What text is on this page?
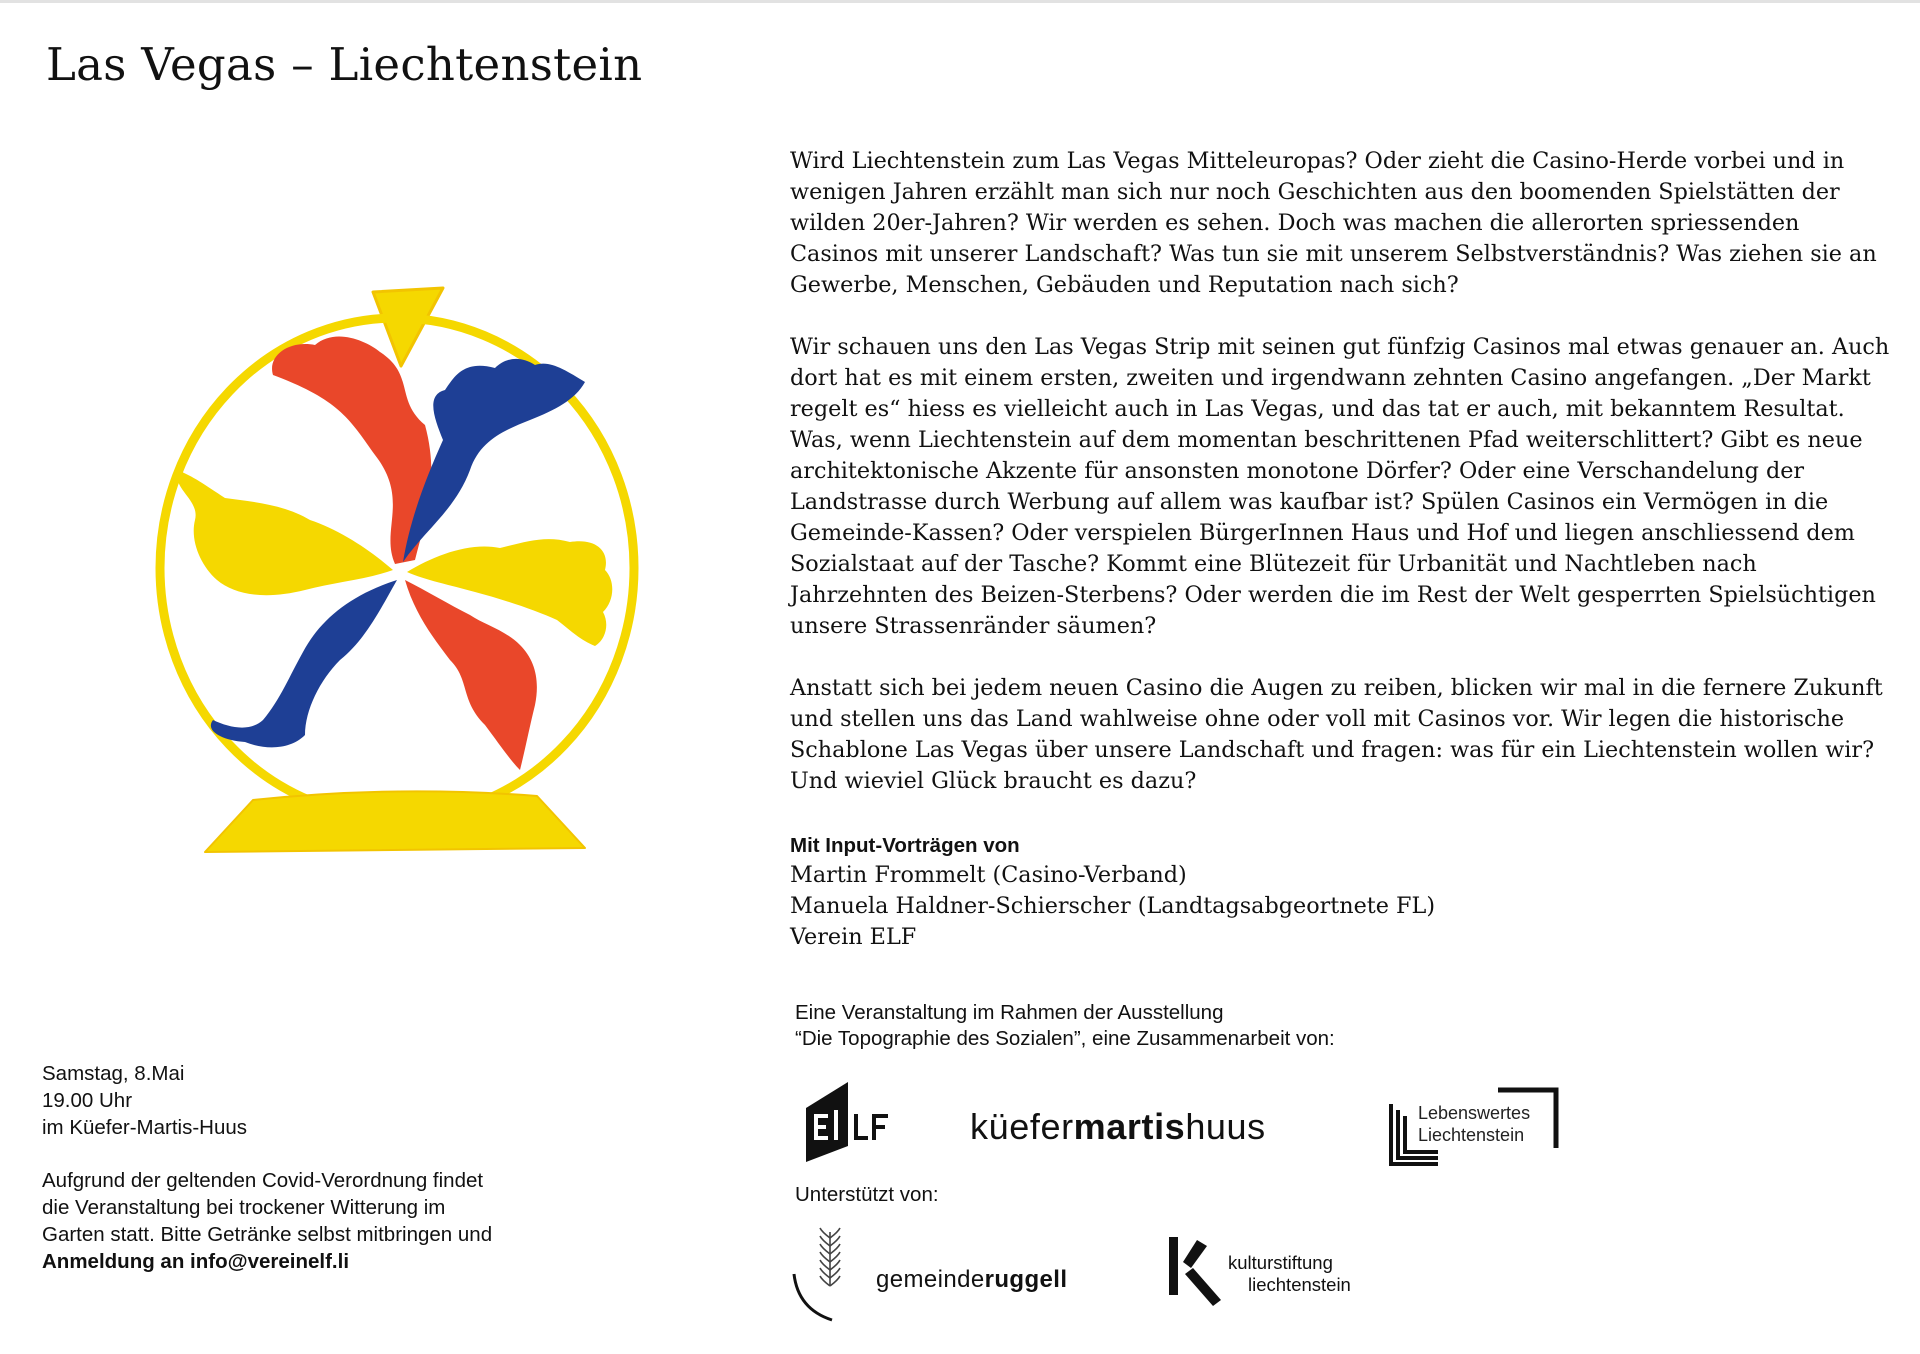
Las Vegas – Liechtenstein

Samstag, 8.Mai

19.00 Uhr

im Küefer-Martis-Huus

Aufgrund der geltenden Covid-Verordnung findet die Veranstaltung bei trockener Witterung im Garten statt. Bitte Getränke selbst mitbringen und Anmeldung an info@vereinelf.li

Wird Liechtenstein zum Las Vegas Mitteleuropas? Oder zieht die Casino-Herde vorbei und in wenigen Jahren erzählt man sich nur noch Geschichten aus den boomenden Spielstätten der wilden 20er-Jahren? Wir werden es sehen. Doch was machen die allerorten spriessenden Casinos mit unserer Landschaft? Was tun sie mit unserem Selbstverständnis? Was ziehen sie an Gewerbe, Menschen, Gebäuden und Reputation nach sich?

Wir schauen uns den Las Vegas Strip mit seinen gut fünfzig Casinos mal etwas genauer an. Auch dort hat es mit einem ersten, zweiten und irgendwann zehnten Casino angefangen. „Der Markt regelt es“ hiess es vielleicht auch in Las Vegas, und das tat er auch, mit bekanntem Resultat. Was, wenn Liechtenstein auf dem momentan beschrittenen Pfad weiterschlittert? Gibt es neue architektonische Akzente für ansonsten monotone Dörfer? Oder eine Verschandelung der Landstrasse durch Werbung auf allem was kaufbar ist? Spülen Casinos ein Vermögen in die Gemeinde-Kassen? Oder verspielen BürgerInnen Haus und Hof und liegen anschliessend dem Sozialstaat auf der Tasche? Kommt eine Blütezeit für Urbanität und Nachtleben nach Jahrzehnten des Beizen-Sterbens? Oder werden die im Rest der Welt gesperrten Spielsüchtigen unsere Strassenränder säumen?

Anstatt sich bei jedem neuen Casino die Augen zu reiben, blicken wir mal in die fernere Zukunft und stellen uns das Land wahlweise ohne oder voll mit Casinos vor. Wir legen die historische Schablone Las Vegas über unsere Landschaft und fragen: was für ein Liechtenstein wollen wir? Und wieviel Glück braucht es dazu?

Mit Input-Vorträgen von
Martin Frommelt (Casino-Verband)
Manuela Haldner-Schierscher (Landtagsabgeortnete FL)
Verein ELF
Eine Veranstaltung im Rahmen der Ausstellung
“Die Topographie des Sozialen”, eine Zusammenarbeit von:
küefermartishuus	Lebenswertes
Liechtenstein
Unterstützt von:
gemeinderuggell
kulturstiftung
liechtenstein
